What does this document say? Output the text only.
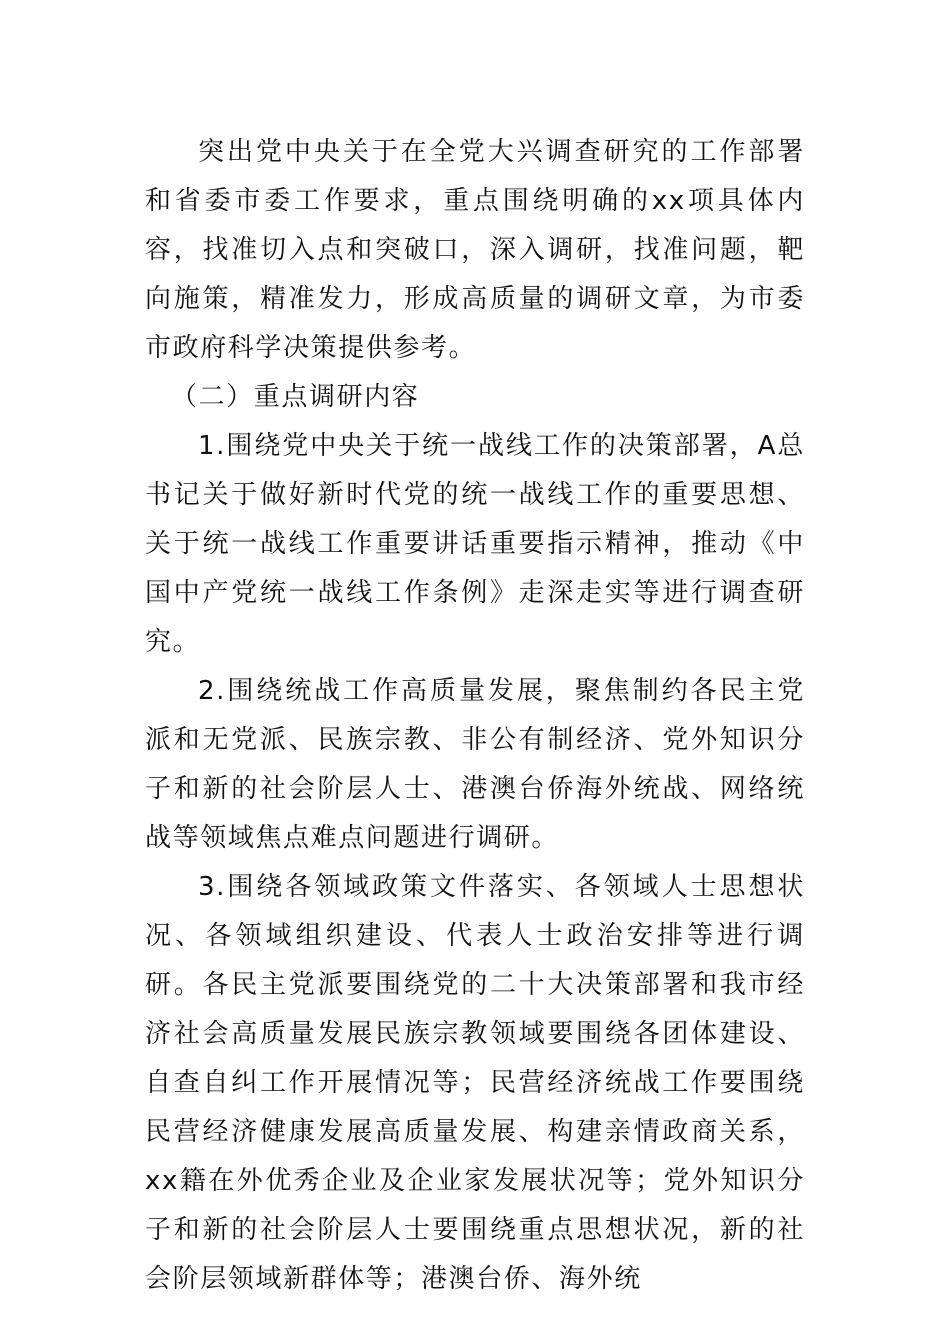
突出党中央关于在全党大兴调查研究的工作部署和省委市委工作要求，重点围绕明确的xx项具体内容，找准切入点和突破口，深入调研，找准问题，靶向施策，精准发力，形成高质量的调研文章，为市委市政府科学决策提供参考。

（二）重点调研内容

1.围绕党中央关于统一战线工作的决策部署，A总书记关于做好新时代党的统一战线工作的重要思想、关于统一战线工作重要讲话重要指示精神，推动《中国中产党统一战线工作条例》走深走实等进行调查研究。

2.围绕统战工作高质量发展，聚焦制约各民主党派和无党派、民族宗教、非公有制经济、党外知识分子和新的社会阶层人士、港澳台侨海外统战、网络统战等领域焦点难点问题进行调研。

3.围绕各领域政策文件落实、各领域人士思想状况、各领域组织建设、代表人士政治安排等进行调研。各民主党派要围绕党的二十大决策部署和我市经济社会高质量发展民族宗教领域要围绕各团体建设、自查自纠工作开展情况等；民营经济统战工作要围绕民营经济健康发展高质量发展、构建亲情政商关系，xx籍在外优秀企业及企业家发展状况等；党外知识分子和新的社会阶层人士要围绕重点思想状况，新的社会阶层领域新群体等；港澳台侨、海外统
